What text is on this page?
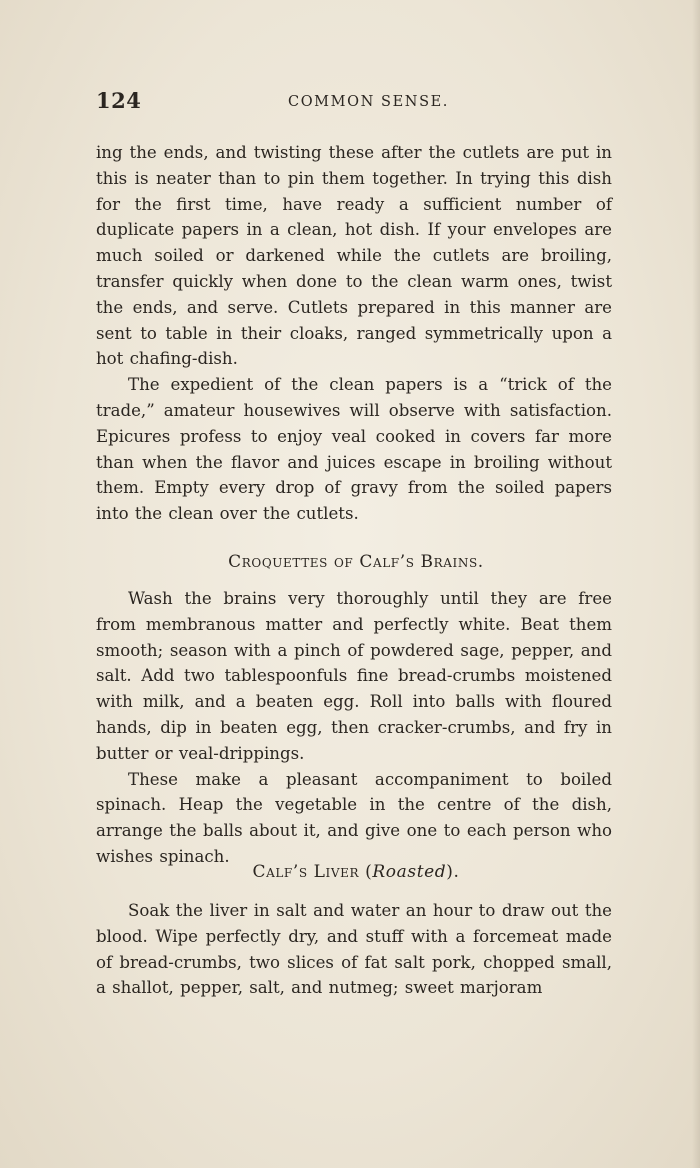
124	COMMON SENSE.

ing the ends, and twisting these after the cutlets are put in this is neater than to pin them together. In trying this dish for the first time, have ready a sufficient number of duplicate papers in a clean, hot dish. If your envelopes are much soiled or darkened while the cutlets are broiling, transfer quickly when done to the clean warm ones, twist the ends, and serve. Cutlets prepared in this manner are sent to table in their cloaks, ranged symmetrically upon a hot chafing-dish.

The expedient of the clean papers is a “trick of the trade,” amateur housewives will observe with satisfaction. Epicures profess to enjoy veal cooked in covers far more than when the flavor and juices escape in broiling without them. Empty every drop of gravy from the soiled papers into the clean over the cutlets.

Croquettes of Calf’s Brains.

Wash the brains very thoroughly until they are free from membranous matter and perfectly white. Beat them smooth; season with a pinch of powdered sage, pepper, and salt. Add two tablespoonfuls fine bread-crumbs moistened with milk, and a beaten egg. Roll into balls with floured hands, dip in beaten egg, then cracker-crumbs, and fry in butter or veal-drippings.

These make a pleasant accompaniment to boiled spinach. Heap the vegetable in the centre of the dish, arrange the balls about it, and give one to each person who wishes spinach.

Calf’s Liver (Roasted).

Soak the liver in salt and water an hour to draw out the blood. Wipe perfectly dry, and stuff with a forcemeat made of bread-crumbs, two slices of fat salt pork, chopped small, a shallot, pepper, salt, and nutmeg; sweet marjoram
